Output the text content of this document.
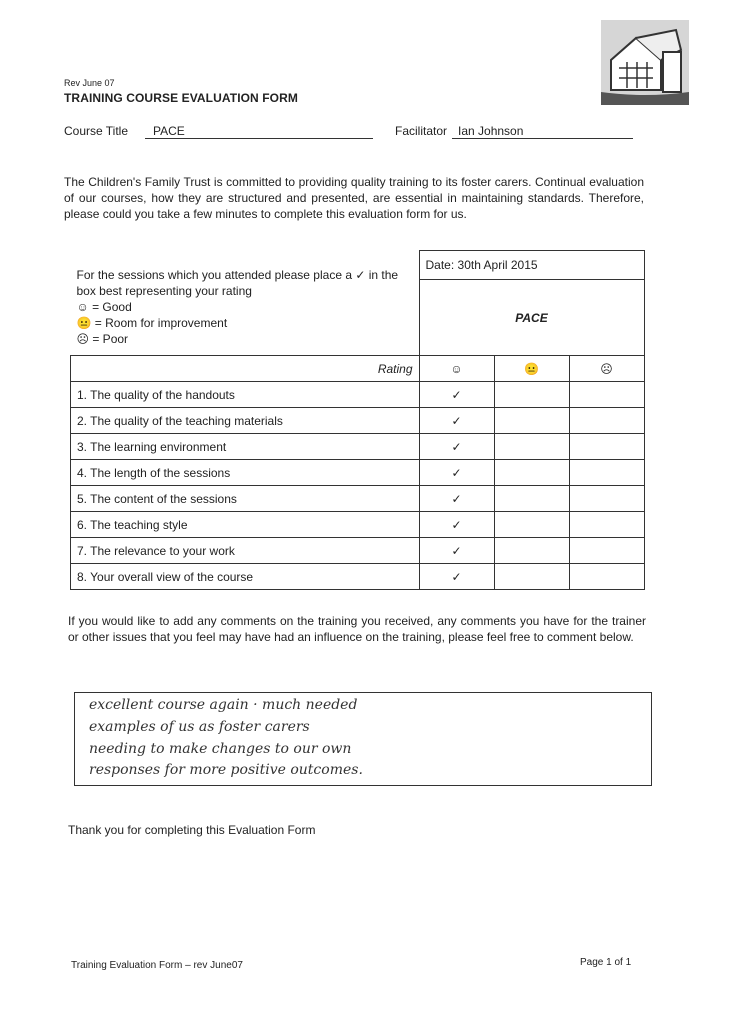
Rev June 07
TRAINING COURSE EVALUATION FORM
Course Title	PACE	Facilitator Ian Johnson
The Children's Family Trust is committed to providing quality training to its foster carers. Continual evaluation of our courses, how they are structured and presented, are essential in maintaining standards. Therefore, please could you take a few minutes to complete this evaluation form for us.
For the sessions which you attended please place a ✓ in the box best representing your rating
☺ = Good
😐 = Room for improvement
☹ = Poor	Date: 30th April 2015		
	PACE		
Rating	☺	😐	☹
1. The quality of the handouts	✓		
2. The quality of the teaching materials	✓		
3. The learning environment	✓		
4. The length of the sessions	✓		
5. The content of the sessions	✓		
6. The teaching style	✓		
7. The relevance to your work	✓		
8. Your overall view of the course	✓		
If you would like to add any comments on the training you received, any comments you have for the trainer or other issues that you feel may have had an influence on the training, please feel free to comment below.
excellent course again · much needed
examples of us as foster carers
needing to make changes to our own
responses for more positive outcomes.
Thank you for completing this Evaluation Form
Training Evaluation Form – rev June07	Page 1 of 1
